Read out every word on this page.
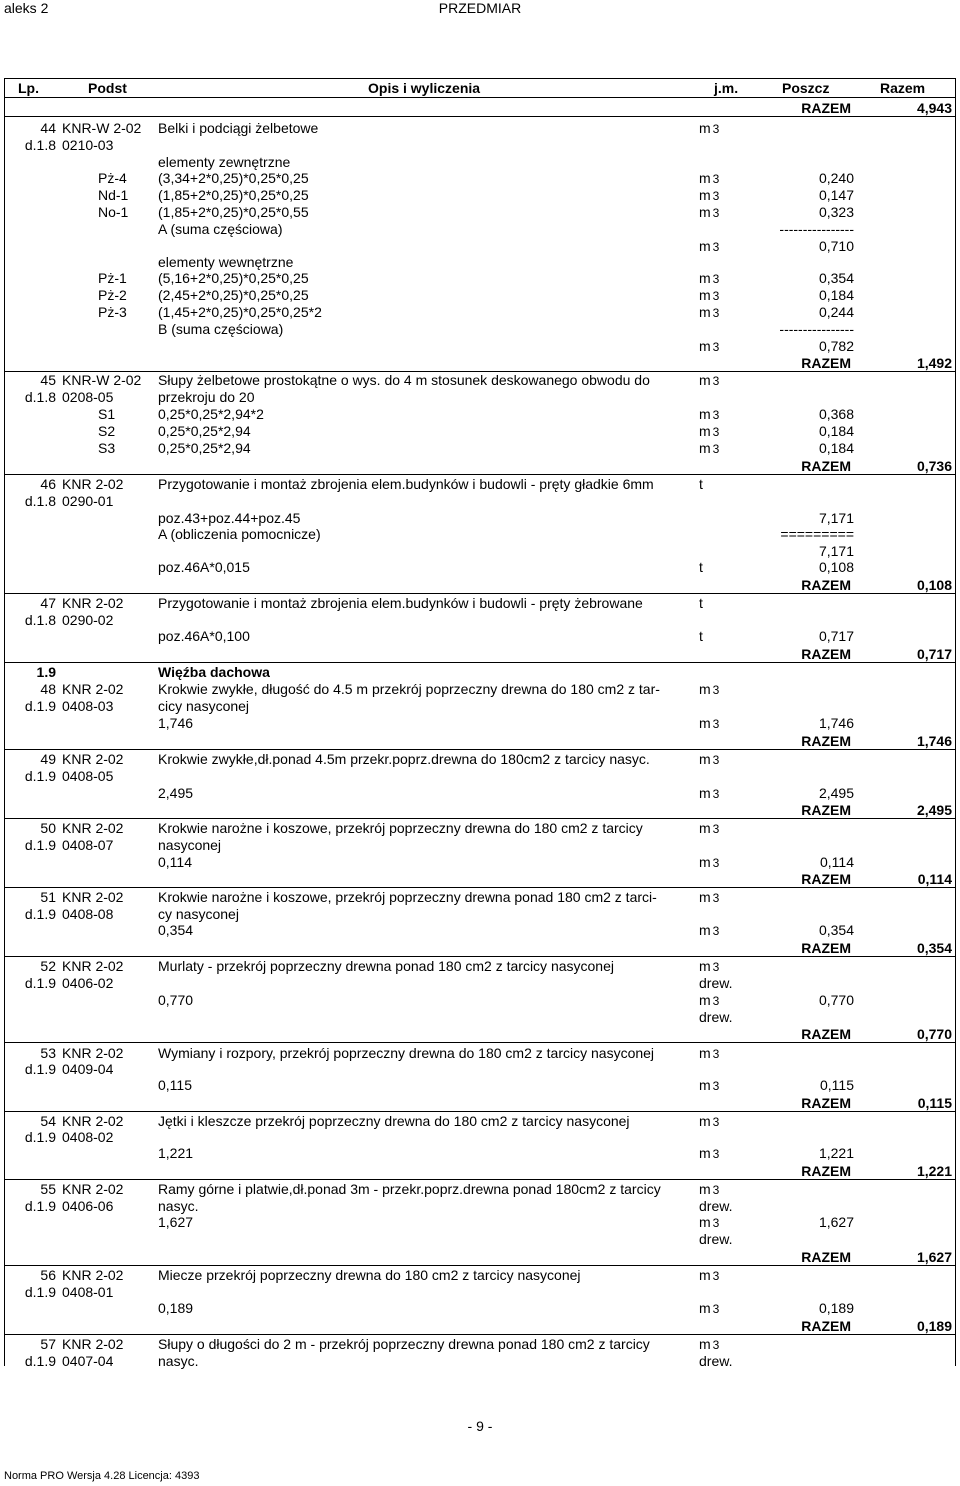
aleks 2	PRZEDMIAR
Lp.	Podst	Opis i wyliczenia	j.m.	Poszcz	Razem
RAZEM	4,943
44 KNR-W 2-02 Belki i podciągi żelbetowe	m 3
d.1.8 0210-03
elementy zewnętrzne
Pż-4 (3,34+2*0,25)*0,25*0,25	m 3	0,240
Nd-1 (1,85+2*0,25)*0,25*0,25	m 3	0,147
No-1 (1,85+2*0,25)*0,25*0,55	m 3	0,323
A (suma częściowa)	----------------
m 3	0,710
elementy wewnętrzne
Pż-1 (5,16+2*0,25)*0,25*0,25	m 3	0,354
Pż-2 (2,45+2*0,25)*0,25*0,25	m 3	0,184
Pż-3 (1,45+2*0,25)*0,25*0,25*2	m 3	0,244
B (suma częściowa)	----------------
m 3	0,782
RAZEM	1,492
45 KNR-W 2-02 Słupy żelbetowe prostokątne o wys. do 4 m stosunek deskowanego obwodu do	m 3
d.1.8 0208-05	przekroju do 20
S1	0,25*0,25*2,94*2	m 3	0,368
S2	0,25*0,25*2,94	m 3	0,184
S3	0,25*0,25*2,94	m 3	0,184
RAZEM	0,736
46 KNR 2-02 Przygotowanie i montaż zbrojenia elem.budynków i budowli - pręty gładkie 6mm	t
d.1.8 0290-01
poz.43+poz.44+poz.45	7,171
A (obliczenia pomocnicze)	=========
7,171
poz.46A*0,015	t	0,108
RAZEM	0,108
47 KNR 2-02 Przygotowanie i montaż zbrojenia elem.budynków i budowli - pręty żebrowane	t
d.1.8 0290-02
poz.46A*0,100	t	0,717
RAZEM	0,717
1.9	Więźba dachowa
48 KNR 2-02 Krokwie zwykłe, długość do 4.5 m przekrój poprzeczny drewna do 180 cm2 z tar-	m 3
d.1.9 0408-03	cicy nasyconej
1,746	m 3	1,746
RAZEM	1,746
49 KNR 2-02 Krokwie zwykłe,dł.ponad 4.5m przekr.poprz.drewna do 180cm2 z tarcicy nasyc.	m 3
d.1.9 0408-05
2,495	m 3	2,495
RAZEM	2,495
50 KNR 2-02 Krokwie narożne i koszowe, przekrój poprzeczny drewna do 180 cm2 z tarcicy	m 3
d.1.9 0408-07	nasyconej
0,114	m 3	0,114
RAZEM	0,114
51 KNR 2-02 Krokwie narożne i koszowe, przekrój poprzeczny drewna ponad 180 cm2 z tarci-	m 3
d.1.9 0408-08	cy nasyconej
0,354	m 3	0,354
RAZEM	0,354
52 KNR 2-02 Murlaty - przekrój poprzeczny drewna ponad 180 cm2 z tarcicy nasyconej	m 3
d.1.9 0406-02	drew.
0,770	m 3	0,770
drew.
RAZEM	0,770
53 KNR 2-02 Wymiany i rozpory, przekrój poprzeczny drewna do 180 cm2 z tarcicy nasyconej	m 3
d.1.9 0409-04
0,115	m 3	0,115
RAZEM	0,115
54 KNR 2-02 Jętki i kleszcze przekrój poprzeczny drewna do 180 cm2 z tarcicy nasyconej	m 3
d.1.9 0408-02
1,221	m 3	1,221
RAZEM	1,221
55 KNR 2-02 Ramy górne i platwie,dł.ponad 3m - przekr.poprz.drewna ponad 180cm2 z tarcicy	m 3
d.1.9 0406-06	nasyc.	drew.
1,627	m 3	1,627
drew.
RAZEM	1,627
56 KNR 2-02 Miecze przekrój poprzeczny drewna do 180 cm2 z tarcicy nasyconej	m 3
d.1.9 0408-01
0,189	m 3	0,189
RAZEM	0,189
57 KNR 2-02 Słupy o długości do 2 m - przekrój poprzeczny drewna ponad 180 cm2 z tarcicy	m 3
d.1.9 0407-04	nasyc.	drew.
- 9 -
Norma PRO Wersja 4.28 Licencja: 4393
